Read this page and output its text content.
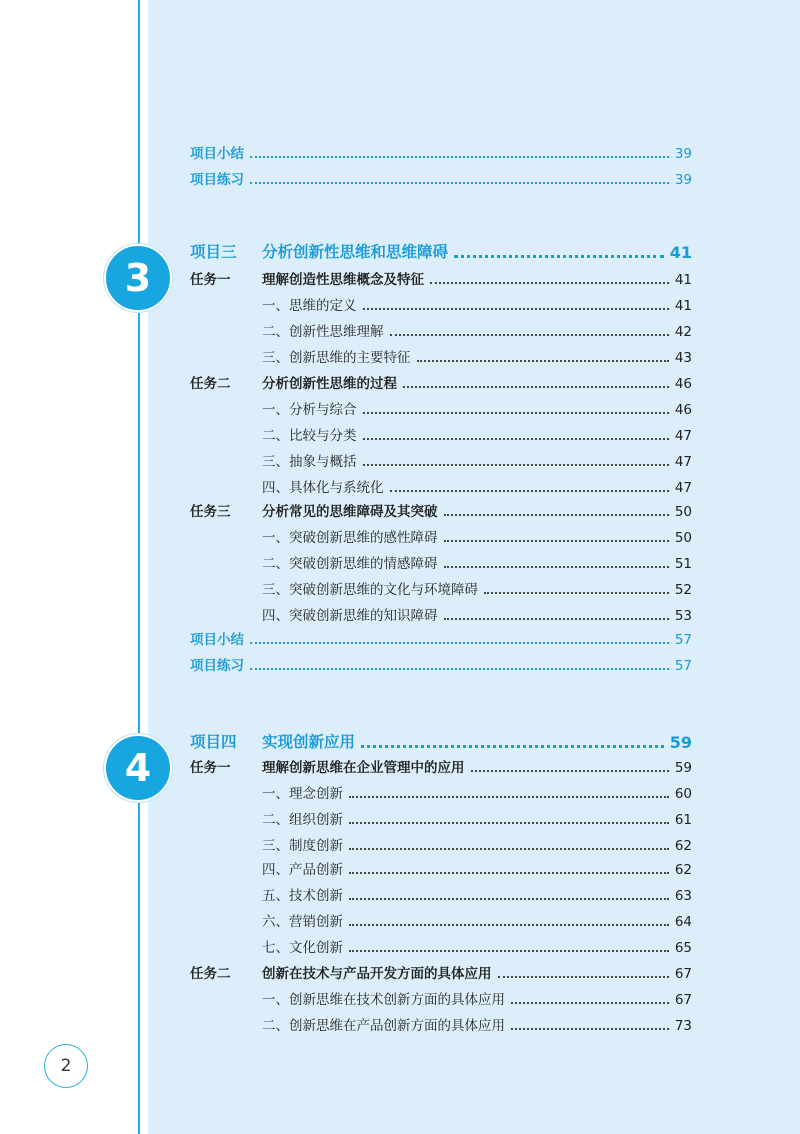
项目小结	39
项目练习	39
3
项目三	分析创新性思维和思维障碍	41
任务一	理解创造性思维概念及特征	41
一、思维的定义	41
二、创新性思维理解	42
三、创新思维的主要特征	43
任务二	分析创新性思维的过程	46
一、分析与综合	46
二、比较与分类	47
三、抽象与概括	47
四、具体化与系统化	47
任务三	分析常见的思维障碍及其突破	50
一、突破创新思维的感性障碍	50
二、突破创新思维的情感障碍	51
三、突破创新思维的文化与环境障碍	52
四、突破创新思维的知识障碍	53
项目小结	57
项目练习	57
4
项目四	实现创新应用	59
任务一	理解创新思维在企业管理中的应用	59
一、理念创新	60
二、组织创新	61
三、制度创新	62
四、产品创新	62
五、技术创新	63
六、营销创新	64
七、文化创新	65
任务二	创新在技术与产品开发方面的具体应用	67
一、创新思维在技术创新方面的具体应用	67
二、创新思维在产品创新方面的具体应用	73
2
